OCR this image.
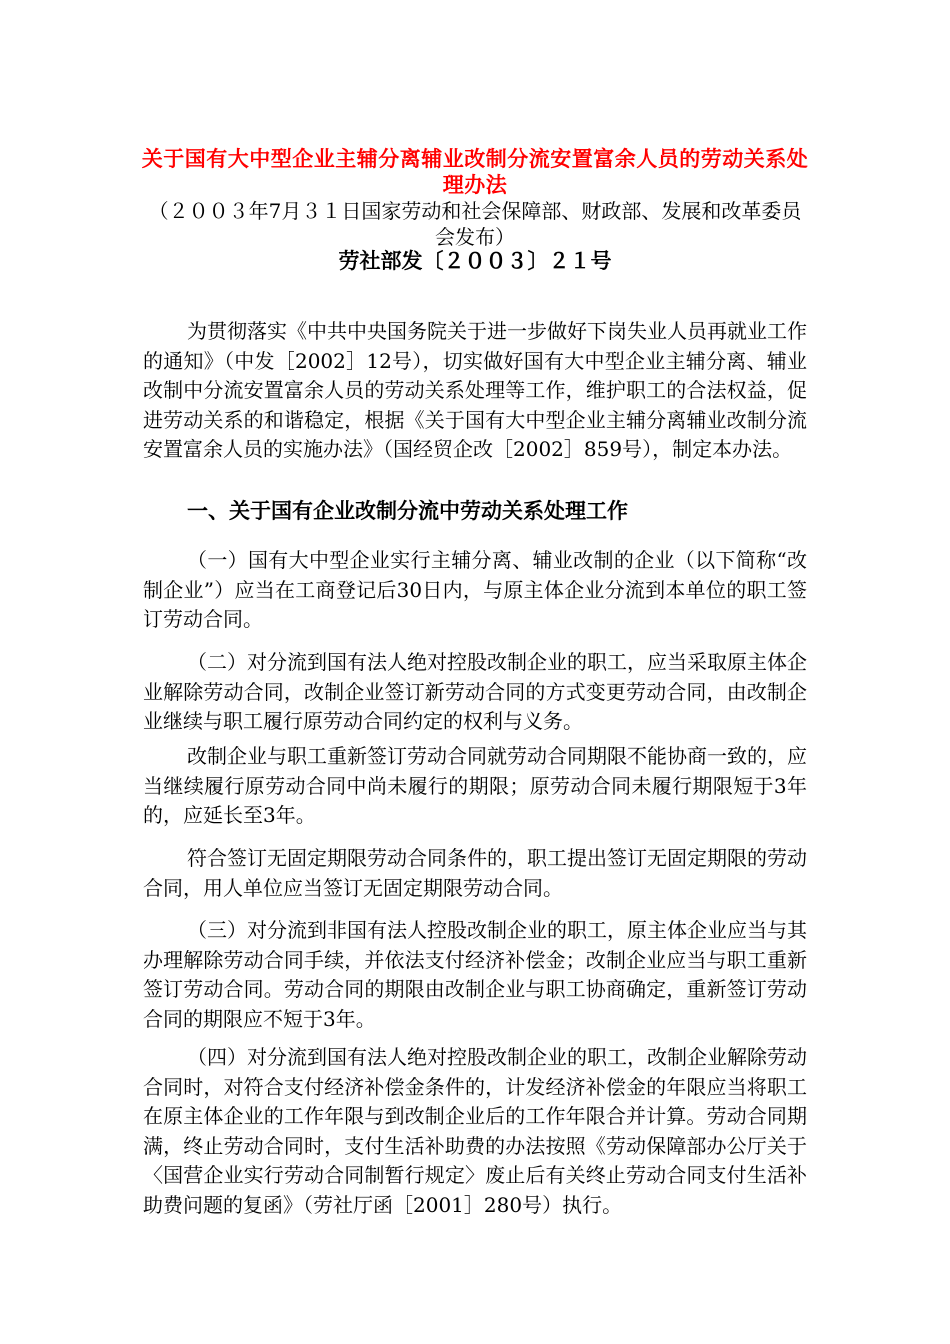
关于国有大中型企业主辅分离辅业改制分流安置富余人员的劳动关系处理办法
（２００３年7月３１日国家劳动和社会保障部、财政部、发展和改革委员会发布）
劳社部发〔２００３〕２１号

为贯彻落实《中共中央国务院关于进一步做好下岗失业人员再就业工作的通知》（中发［2002］12号），切实做好国有大中型企业主辅分离、辅业改制中分流安置富余人员的劳动关系处理等工作，维护职工的合法权益，促进劳动关系的和谐稳定，根据《关于国有大中型企业主辅分离辅业改制分流安置富余人员的实施办法》（国经贸企改［2002］859号），制定本办法。

一、关于国有企业改制分流中劳动关系处理工作

（一）国有大中型企业实行主辅分离、辅业改制的企业（以下简称“改制企业”）应当在工商登记后30日内，与原主体企业分流到本单位的职工签订劳动合同。

（二）对分流到国有法人绝对控股改制企业的职工，应当采取原主体企业解除劳动合同，改制企业签订新劳动合同的方式变更劳动合同，由改制企业继续与职工履行原劳动合同约定的权利与义务。

改制企业与职工重新签订劳动合同就劳动合同期限不能协商一致的，应当继续履行原劳动合同中尚未履行的期限；原劳动合同未履行期限短于3年的，应延长至3年。

符合签订无固定期限劳动合同条件的，职工提出签订无固定期限的劳动合同，用人单位应当签订无固定期限劳动合同。

（三）对分流到非国有法人控股改制企业的职工，原主体企业应当与其办理解除劳动合同手续，并依法支付经济补偿金；改制企业应当与职工重新签订劳动合同。劳动合同的期限由改制企业与职工协商确定，重新签订劳动合同的期限应不短于3年。

（四）对分流到国有法人绝对控股改制企业的职工，改制企业解除劳动合同时，对符合支付经济补偿金条件的，计发经济补偿金的年限应当将职工在原主体企业的工作年限与到改制企业后的工作年限合并计算。劳动合同期满，终止劳动合同时，支付生活补助费的办法按照《劳动保障部办公厅关于〈国营企业实行劳动合同制暂行规定〉废止后有关终止劳动合同支付生活补助费问题的复函》（劳社厅函［2001］280号）执行。
